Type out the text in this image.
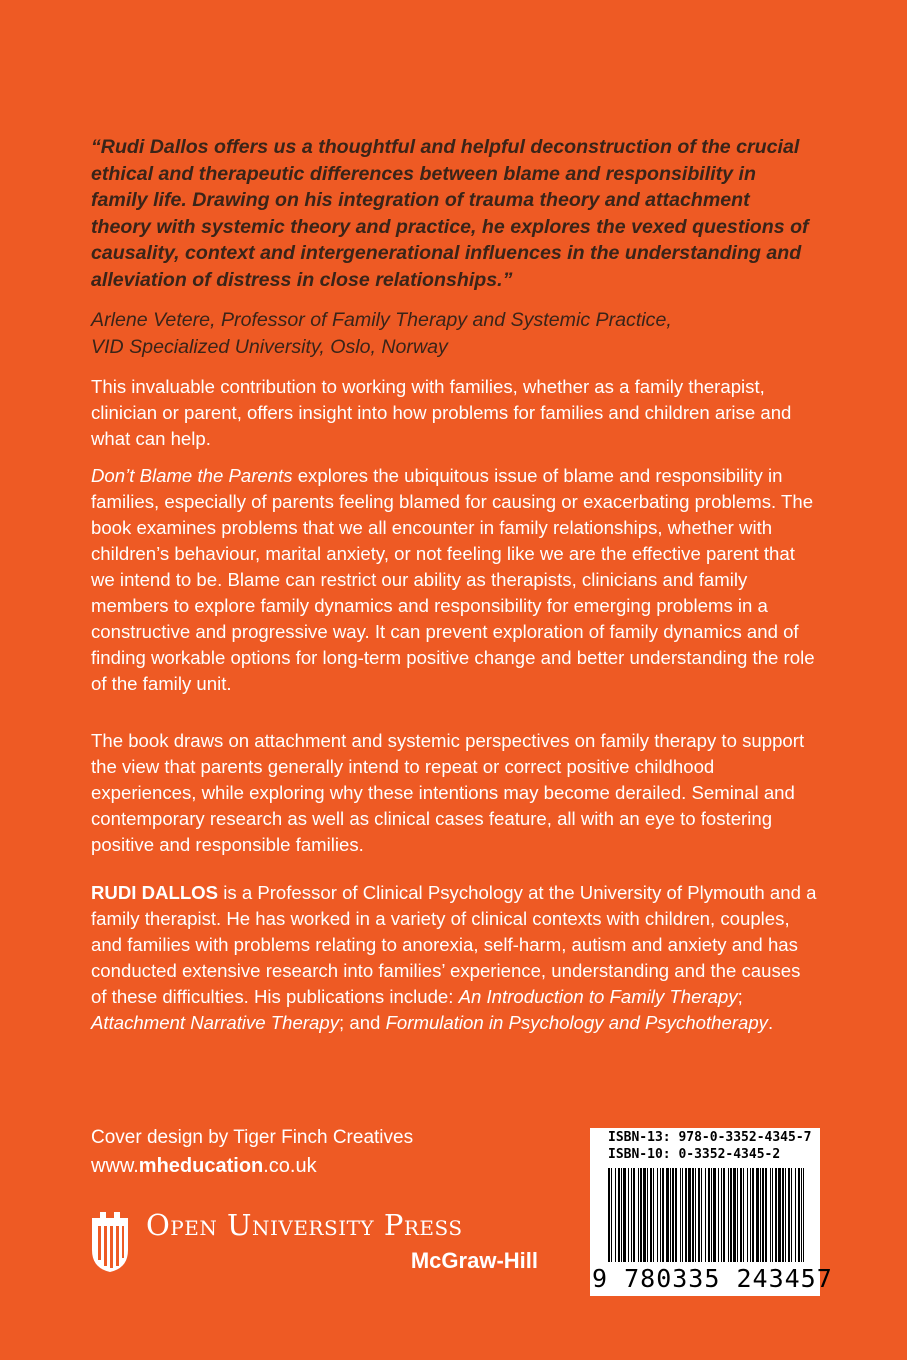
“Rudi Dallos offers us a thoughtful and helpful deconstruction of the crucial ethical and therapeutic differences between blame and responsibility in family life. Drawing on his integration of trauma theory and attachment theory with systemic theory and practice, he explores the vexed questions of causality, context and intergenerational influences in the understanding and alleviation of distress in close relationships.”

Arlene Vetere, Professor of Family Therapy and Systemic Practice,
VID Specialized University, Oslo, Norway

This invaluable contribution to working with families, whether as a family therapist, clinician or parent, offers insight into how problems for families and children arise and what can help.

Don’t Blame the Parents explores the ubiquitous issue of blame and responsibility in families, especially of parents feeling blamed for causing or exacerbating problems. The book examines problems that we all encounter in family relationships, whether with children’s behaviour, marital anxiety, or not feeling like we are the effective parent that we intend to be. Blame can restrict our ability as therapists, clinicians and family members to explore family dynamics and responsibility for emerging problems in a constructive and progressive way. It can prevent exploration of family dynamics and of finding workable options for long-term positive change and better understanding the role of the family unit.

The book draws on attachment and systemic perspectives on family therapy to support the view that parents generally intend to repeat or correct positive childhood experiences, while exploring why these intentions may become derailed. Seminal and contemporary research as well as clinical cases feature, all with an eye to fostering positive and responsible families.

RUDI DALLOS is a Professor of Clinical Psychology at the University of Plymouth and a family therapist. He has worked in a variety of clinical contexts with children, couples, and families with problems relating to anorexia, self-harm, autism and anxiety and has conducted extensive research into families’ experience, understanding and the causes of these difficulties. His publications include: An Introduction to Family Therapy; Attachment Narrative Therapy; and Formulation in Psychology and Psychotherapy.

Cover design by Tiger Finch Creatives
www.mheducation.co.uk
Open University Press
McGraw-Hill
ISBN-13: 978-0-3352-4345-7
ISBN-10: 0-3352-4345-2
9 780335 243457
